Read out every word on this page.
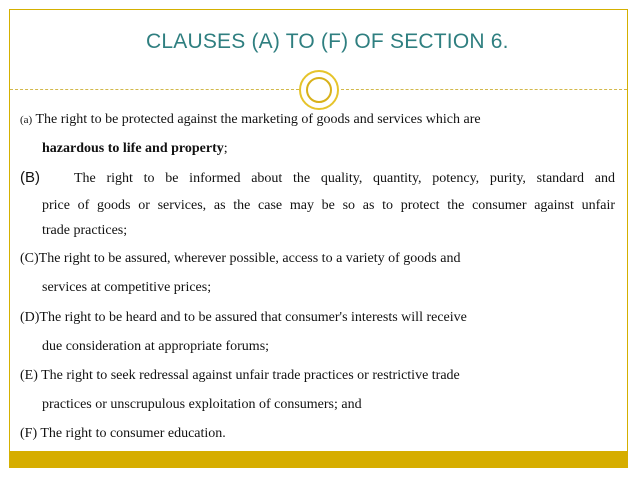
CLAUSES (A) TO (F) OF SECTION 6.
(a) The right to be protected against the marketing of goods and services which are
hazardous to life and property;
(B) The right to be informed about the quality, quantity, potency, purity, standard and
price of goods or services, as the case may be so as to protect the consumer against unfair
trade practices;
(C)The right to be assured, wherever possible, access to a variety of goods and
services at competitive prices;
(D)The right to be heard and to be assured that consumer's interests will receive
due consideration at appropriate forums;
(E) The right to seek redressal against unfair trade practices or restrictive trade
practices or unscrupulous exploitation of consumers; and
(F) The right to consumer education.
